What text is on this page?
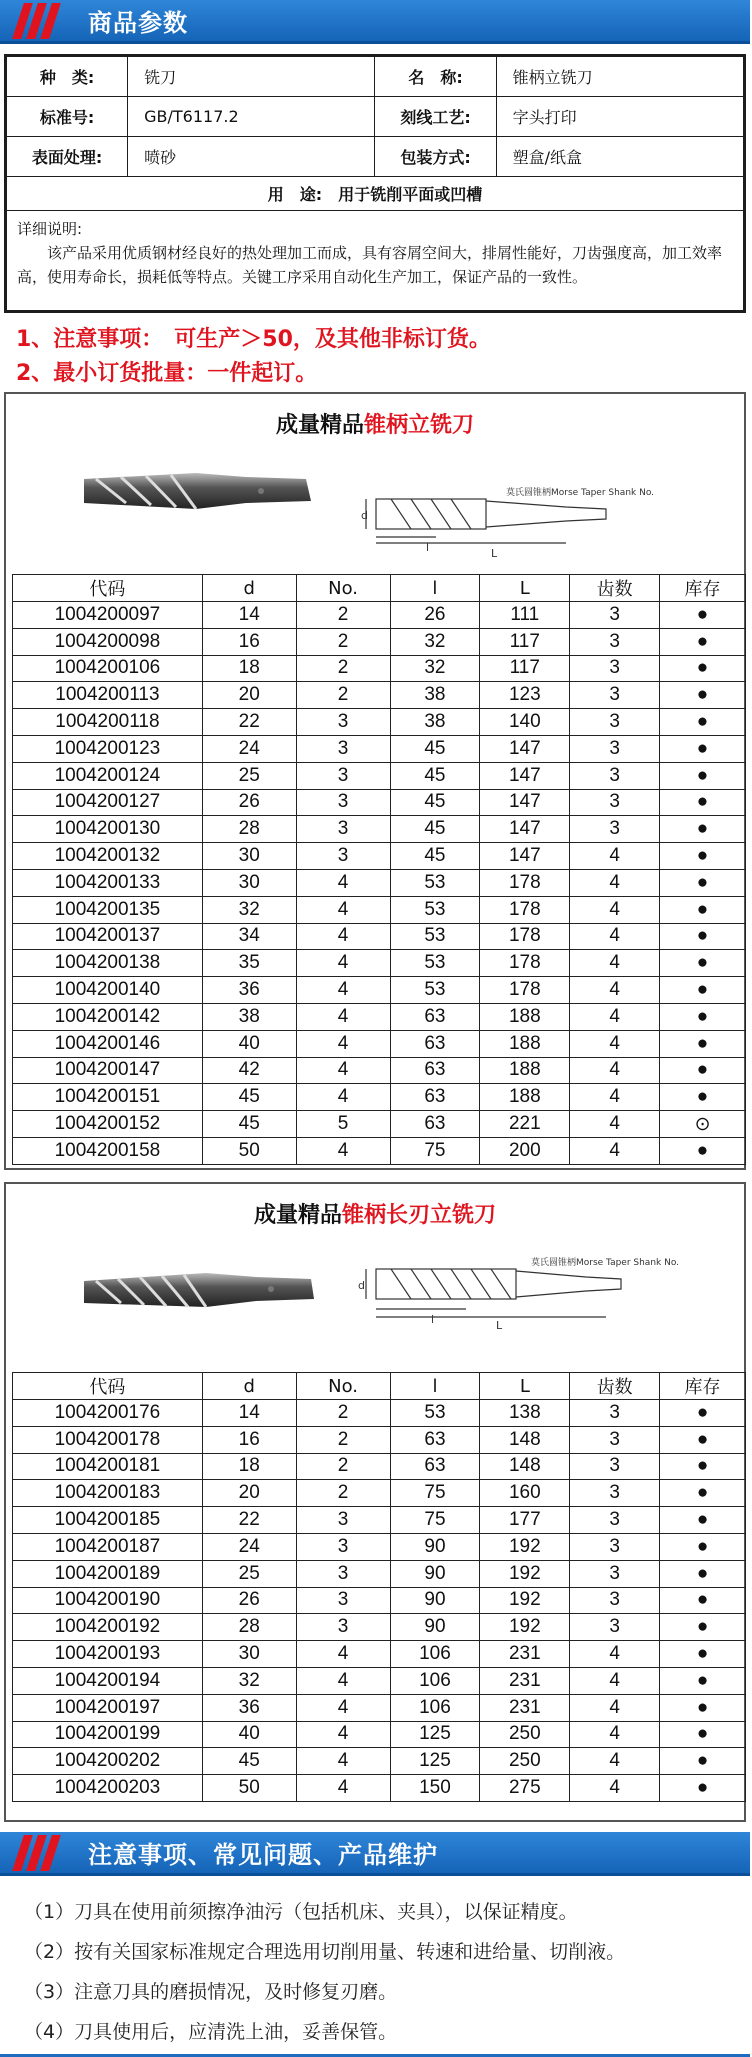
商品参数
种　类:	铣刀	名　称:	锥柄立铣刀
标准号:	GB/T6117.2	刻线工艺:	字头打印
表面处理:	喷砂	包装方式:	塑盒/纸盒
用　途:　用于铣削平面或凹槽			

详细说明:
该产品采用优质钢材经良好的热处理加工而成，具有容屑空间大，排屑性能好，刀齿强度高，加工效率高，使用寿命长，损耗低等特点。关键工序采用自动化生产加工，保证产品的一致性。			
1、注意事项：　可生产＞50，及其他非标订货。
2、最小订货批量：一件起订。
成量精品锥柄立铣刀
d
l	L
莫氏圆锥柄Morse Taper Shank No.
代码	d	No.	l	L	齿数	库存
1004200097	14	2	26	111	3	●
1004200098	16	2	32	117	3	●
1004200106	18	2	32	117	3	●
1004200113	20	2	38	123	3	●
1004200118	22	3	38	140	3	●
1004200123	24	3	45	147	3	●
1004200124	25	3	45	147	3	●
1004200127	26	3	45	147	3	●
1004200130	28	3	45	147	3	●
1004200132	30	3	45	147	4	●
1004200133	30	4	53	178	4	●
1004200135	32	4	53	178	4	●
1004200137	34	4	53	178	4	●
1004200138	35	4	53	178	4	●
1004200140	36	4	53	178	4	●
1004200142	38	4	63	188	4	●
1004200146	40	4	63	188	4	●
1004200147	42	4	63	188	4	●
1004200151	45	4	63	188	4	●
1004200152	45	5	63	221	4	⊙
1004200158	50	4	75	200	4	●
成量精品锥柄长刃立铣刀
d
l	L
莫氏圆锥柄Morse Taper Shank No.
代码	d	No.	l	L	齿数	库存
1004200176	14	2	53	138	3	●
1004200178	16	2	63	148	3	●
1004200181	18	2	63	148	3	●
1004200183	20	2	75	160	3	●
1004200185	22	3	75	177	3	●
1004200187	24	3	90	192	3	●
1004200189	25	3	90	192	3	●
1004200190	26	3	90	192	3	●
1004200192	28	3	90	192	3	●
1004200193	30	4	106	231	4	●
1004200194	32	4	106	231	4	●
1004200197	36	4	106	231	4	●
1004200199	40	4	125	250	4	●
1004200202	45	4	125	250	4	●
1004200203	50	4	150	275	4	●
注意事项、常见问题、产品维护
（1）刀具在使用前须擦净油污（包括机床、夹具），以保证精度。
（2）按有关国家标准规定合理选用切削用量、转速和进给量、切削液。
（3）注意刀具的磨损情况，及时修复刃磨。
（4）刀具使用后，应清洗上油，妥善保管。
